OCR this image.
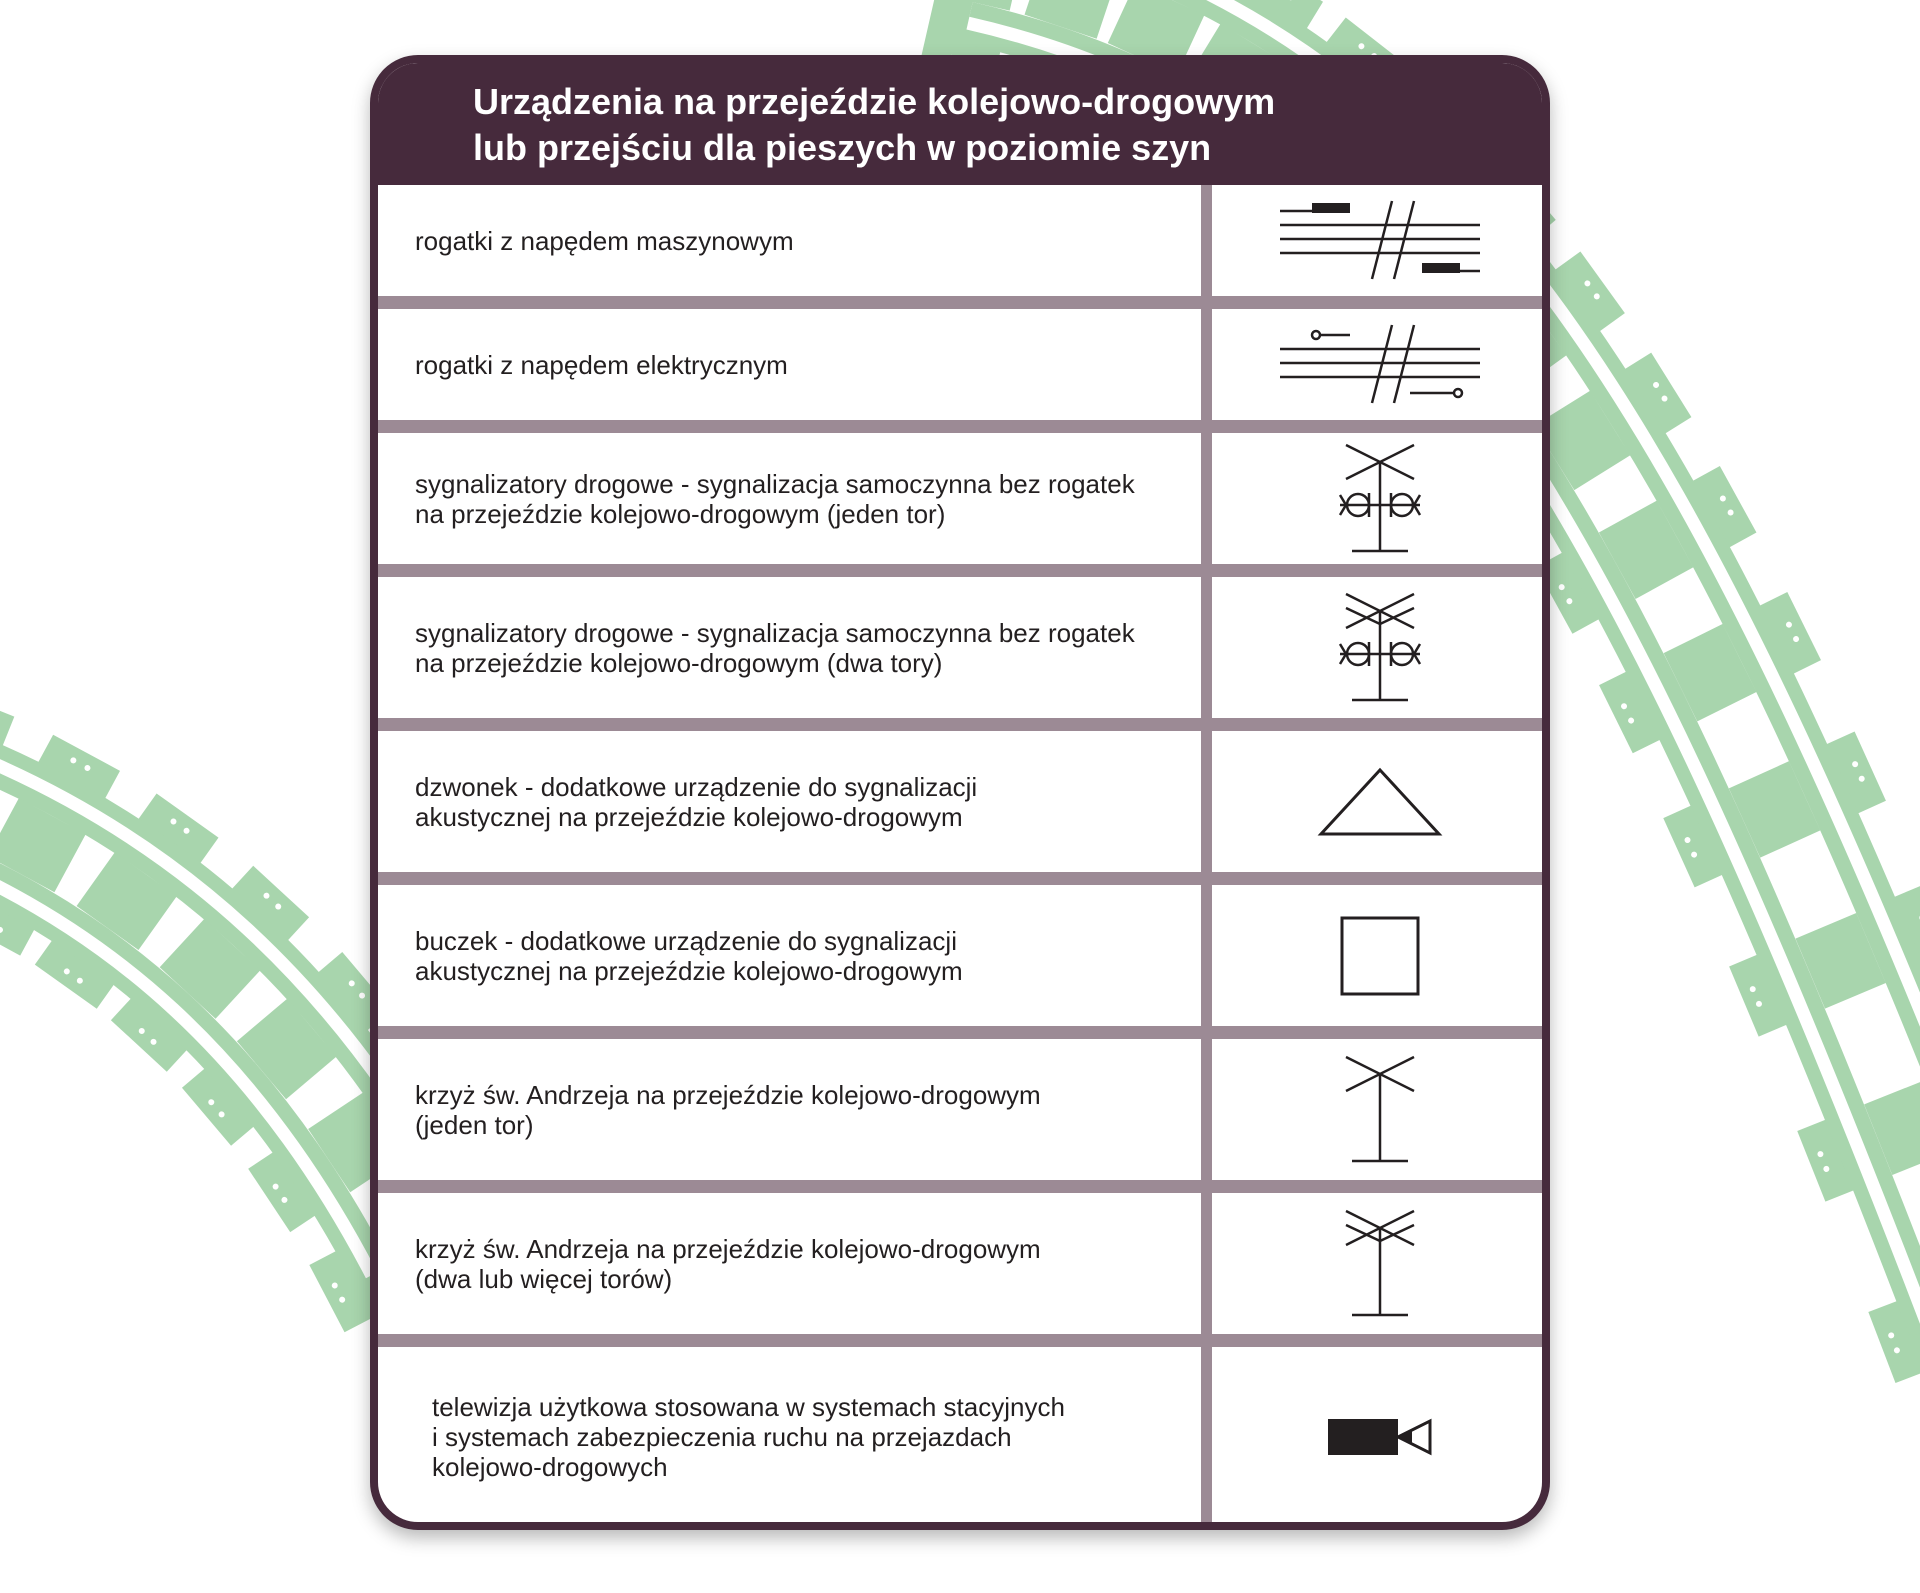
Urządzenia na przejeździe kolejowo-drogowym
lub przejściu dla pieszych w poziomie szyn
rogatki z napędem maszynowym
rogatki z napędem elektrycznym
sygnalizatory drogowe - sygnalizacja samoczynna bez rogatek
na przejeździe kolejowo-drogowym (jeden tor)
sygnalizatory drogowe - sygnalizacja samoczynna bez rogatek
na przejeździe kolejowo-drogowym (dwa tory)
dzwonek - dodatkowe urządzenie do sygnalizacji
akustycznej na przejeździe kolejowo-drogowym
buczek - dodatkowe urządzenie do sygnalizacji
akustycznej na przejeździe kolejowo-drogowym
krzyż św. Andrzeja na przejeździe kolejowo-drogowym
(jeden tor)
krzyż św. Andrzeja na przejeździe kolejowo-drogowym
(dwa lub więcej torów)
telewizja użytkowa stosowana w systemach stacyjnych
i systemach zabezpieczenia ruchu na przejazdach
kolejowo-drogowych
